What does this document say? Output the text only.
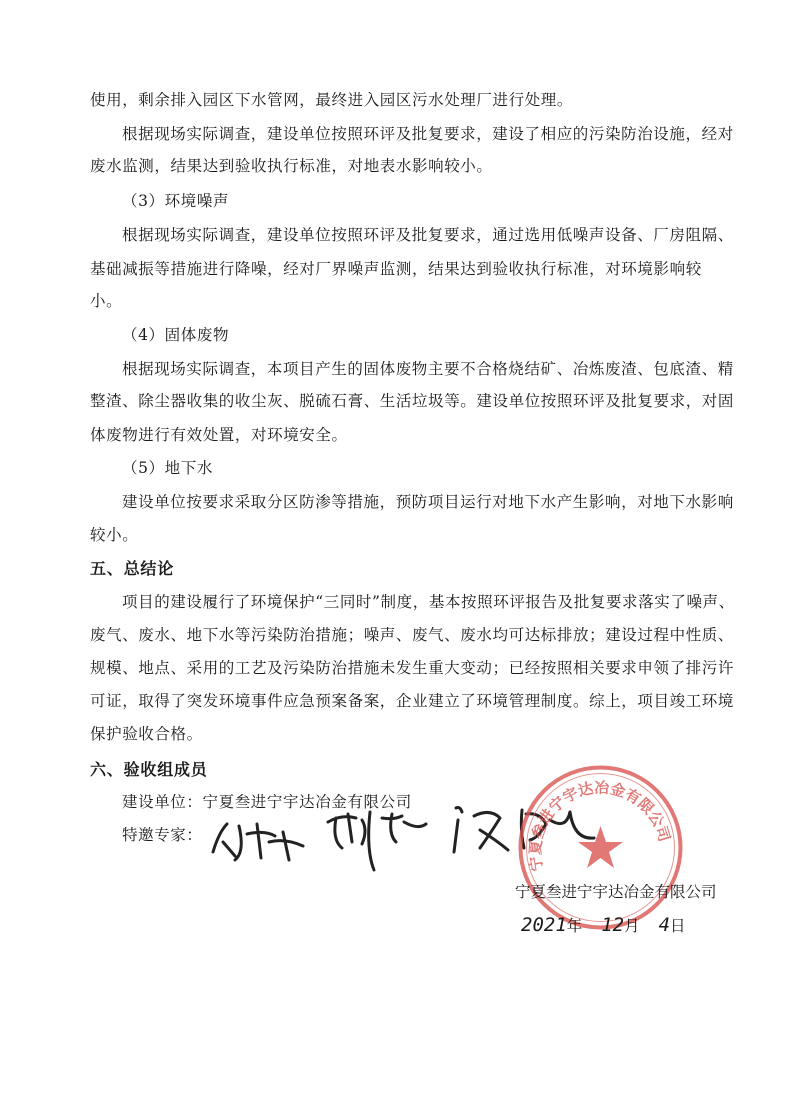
使用，剩余排入园区下水管网，最终进入园区污水处理厂进行处理。
根据现场实际调查，建设单位按照环评及批复要求，建设了相应的污染防治设施，经对
废水监测，结果达到验收执行标准，对地表水影响较小。
（3）环境噪声
根据现场实际调查，建设单位按照环评及批复要求，通过选用低噪声设备、厂房阻隔、
基础减振等措施进行降噪，经对厂界噪声监测，结果达到验收执行标准，对环境影响较
小。
（4）固体废物
根据现场实际调查，本项目产生的固体废物主要不合格烧结矿、冶炼废渣、包底渣、精
整渣、除尘器收集的收尘灰、脱硫石膏、生活垃圾等。建设单位按照环评及批复要求，对固
体废物进行有效处置，对环境安全。
（5）地下水
建设单位按要求采取分区防渗等措施，预防项目运行对地下水产生影响，对地下水影响
较小。
五、总结论
项目的建设履行了环境保护“三同时”制度，基本按照环评报告及批复要求落实了噪声、
废气、废水、地下水等污染防治措施；噪声、废气、废水均可达标排放；建设过程中性质、
规模、地点、采用的工艺及污染防治措施未发生重大变动；已经按照相关要求申领了排污许
可证，取得了突发环境事件应急预案备案，企业建立了环境管理制度。综上，项目竣工环境
保护验收合格。
六、验收组成员
建设单位：宁夏叁进宁宇达冶金有限公司
特邀专家：
宁夏叁进宁宇达冶金有限公司
宁夏叁进宁宇达冶金有限公司
2021年 12月 4日
